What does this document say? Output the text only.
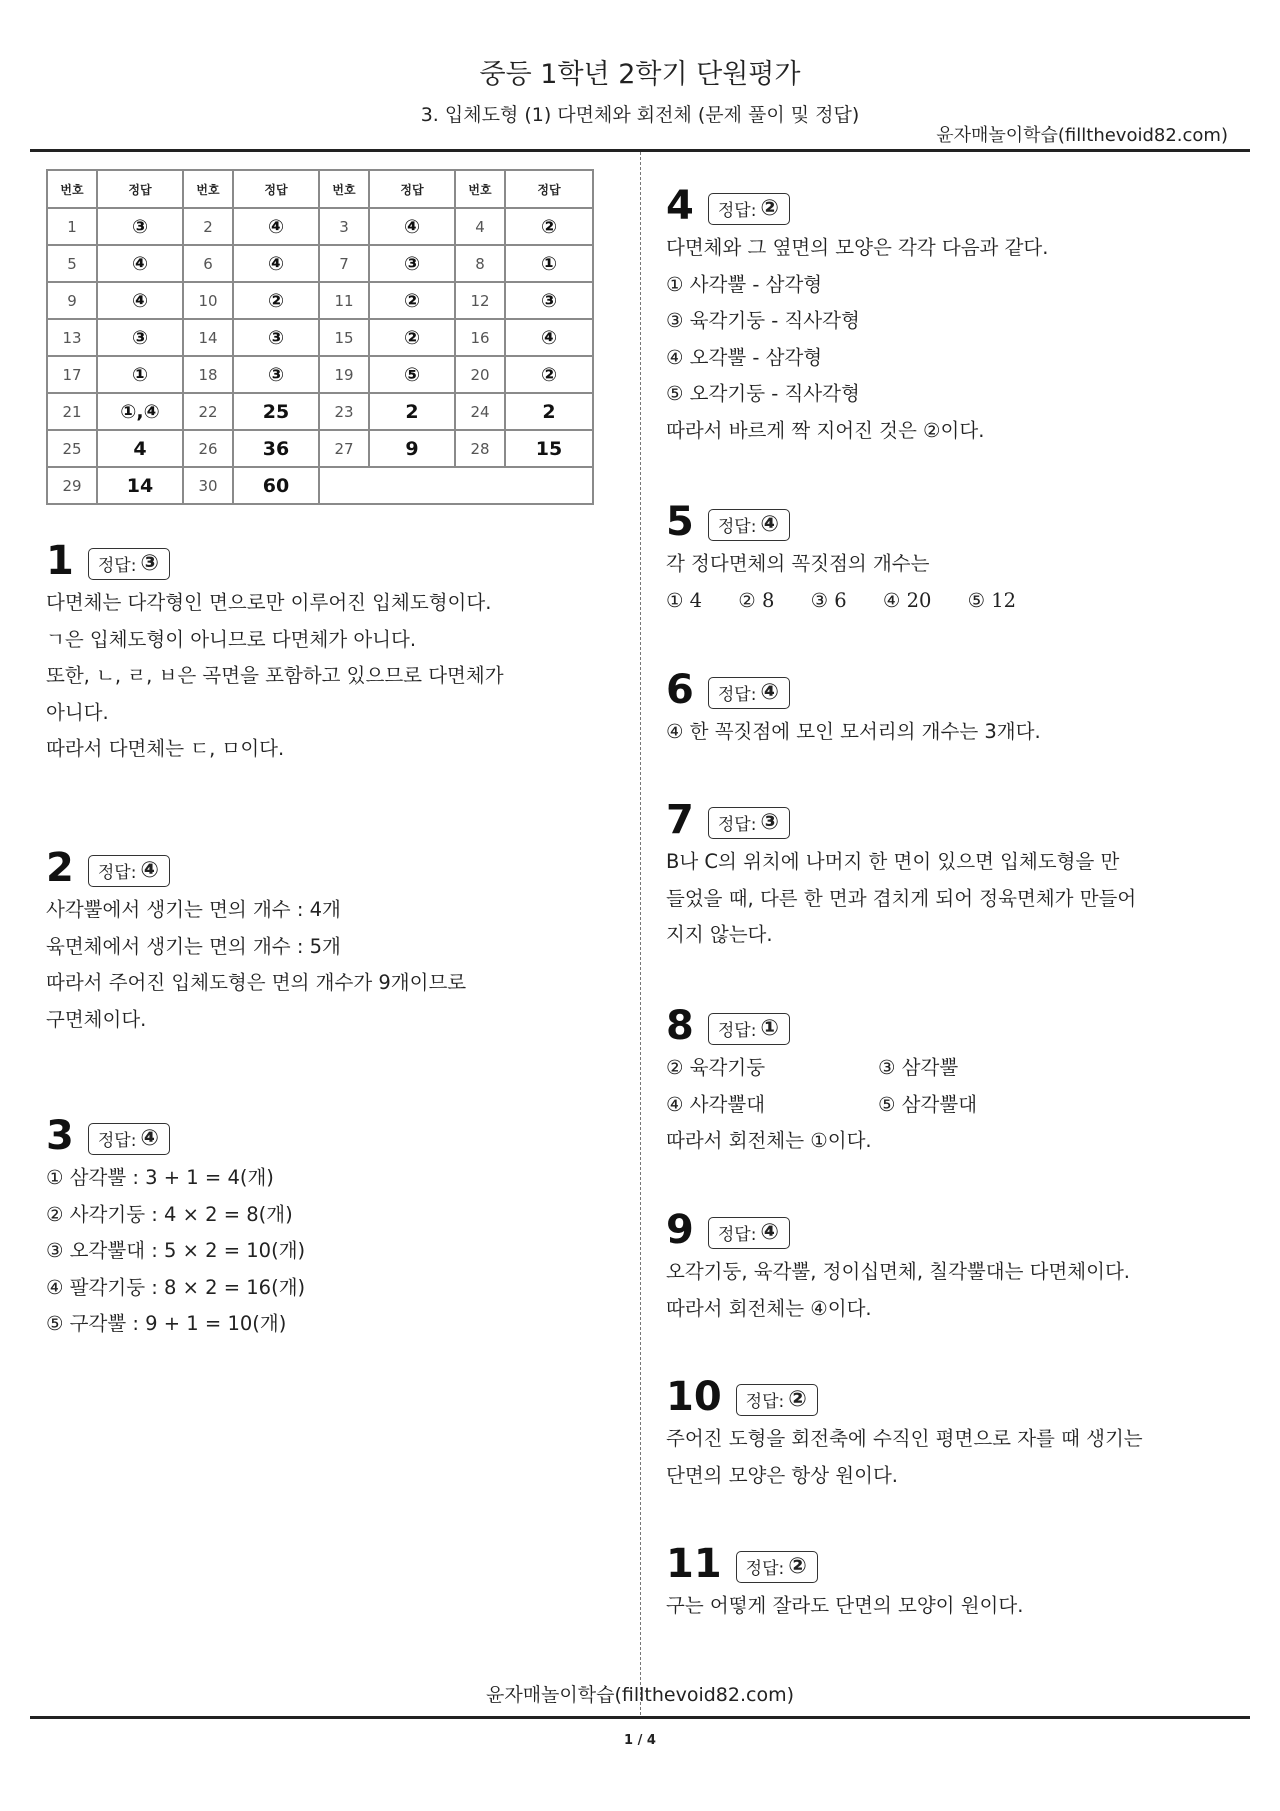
중등 1학년 2학기 단원평가
3. 입체도형 (1) 다면체와 회전체 (문제 풀이 및 정답)
윤자매놀이학습(fillthevoid82.com)
번호	정답	번호	정답	번호	정답	번호	정답
1	③	2	④	3	④	4	②
5	④	6	④	7	③	8	①
9	④	10	②	11	②	12	③
13	③	14	③	15	②	16	④
17	①	18	③	19	⑤	20	②
21	①,④	22	25	23	2	24	2
25	4	26	36	27	9	28	15
29	14	30	60				
1 정답: ③
다면체는 다각형인 면으로만 이루어진 입체도형이다.
ㄱ은 입체도형이 아니므로 다면체가 아니다.
또한, ㄴ, ㄹ, ㅂ은 곡면을 포함하고 있으므로 다면체가
아니다.
따라서 다면체는 ㄷ, ㅁ이다.
2 정답: ④
사각뿔에서 생기는 면의 개수 : 4개
육면체에서 생기는 면의 개수 : 5개
따라서 주어진 입체도형은 면의 개수가 9개이므로
구면체이다.
3 정답: ④
① 삼각뿔 : 3 + 1 = 4(개)
② 사각기둥 : 4 × 2 = 8(개)
③ 오각뿔대 : 5 × 2 = 10(개)
④ 팔각기둥 : 8 × 2 = 16(개)
⑤ 구각뿔 : 9 + 1 = 10(개)
4 정답: ②
다면체와 그 옆면의 모양은 각각 다음과 같다.
① 사각뿔 - 삼각형
③ 육각기둥 - 직사각형
④ 오각뿔 - 삼각형
⑤ 오각기둥 - 직사각형
따라서 바르게 짝 지어진 것은 ②이다.
5 정답: ④
각 정다면체의 꼭짓점의 개수는
① 4 ② 8 ③ 6 ④ 20 ⑤ 12
6 정답: ④
④ 한 꼭짓점에 모인 모서리의 개수는 3개다.
7 정답: ③
B나 C의 위치에 나머지 한 면이 있으면 입체도형을 만
들었을 때, 다른 한 면과 겹치게 되어 정육면체가 만들어
지지 않는다.
8 정답: ①
② 육각기둥	③ 삼각뿔
④ 사각뿔대	⑤ 삼각뿔대
따라서 회전체는 ①이다.
9 정답: ④
오각기둥, 육각뿔, 정이십면체, 칠각뿔대는 다면체이다.
따라서 회전체는 ④이다.
10 정답: ②
주어진 도형을 회전축에 수직인 평면으로 자를 때 생기는
단면의 모양은 항상 원이다.
11 정답: ②
구는 어떻게 잘라도 단면의 모양이 원이다.
윤자매놀이학습(fillthevoid82.com)
1 / 4
